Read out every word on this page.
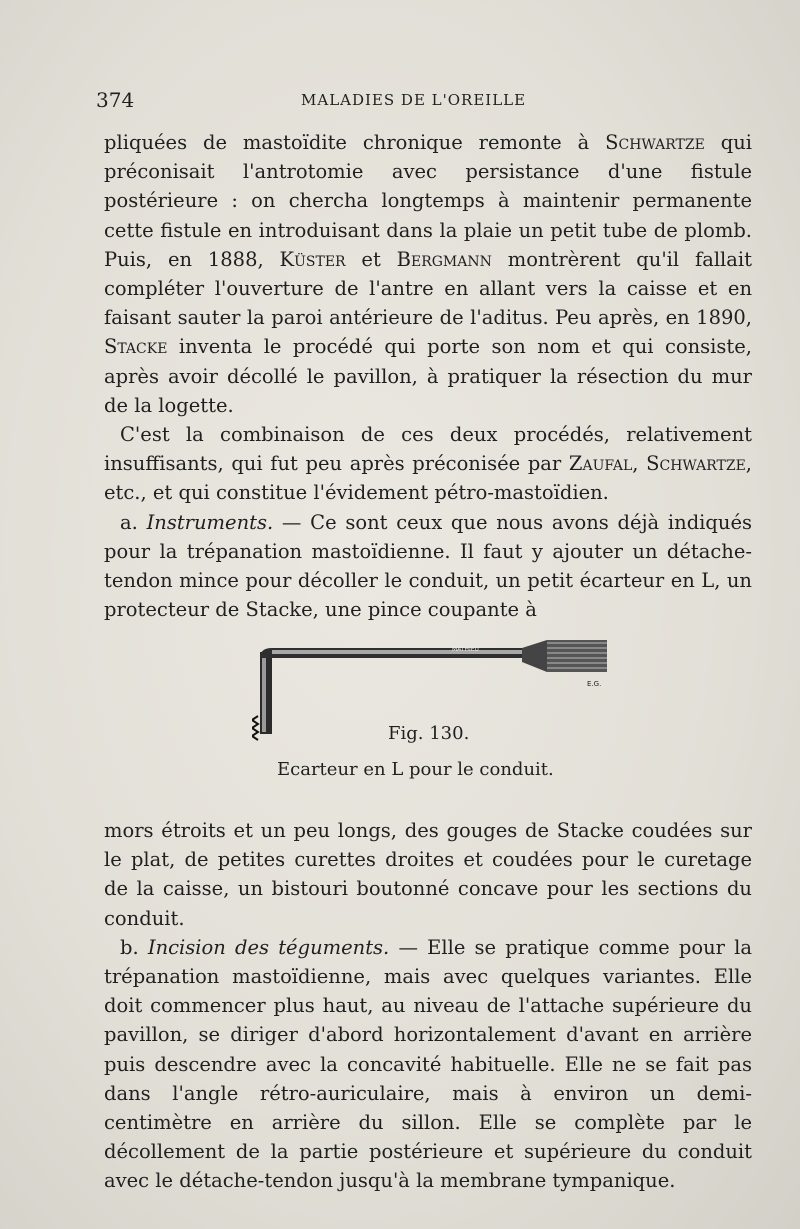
374	MALADIES DE L'OREILLE

pliquées de mastoïdite chronique remonte à Schwartze qui préconisait l'antrotomie avec persistance d'une fistule postérieure : on chercha longtemps à maintenir permanente cette fistule en introduisant dans la plaie un petit tube de plomb. Puis, en 1888, Küster et Bergmann montrèrent qu'il fallait compléter l'ouverture de l'antre en allant vers la caisse et en faisant sauter la paroi antérieure de l'aditus. Peu après, en 1890, Stacke inventa le procédé qui porte son nom et qui consiste, après avoir décollé le pavillon, à pratiquer la résection du mur de la logette.

C'est la combinaison de ces deux procédés, relativement insuffisants, qui fut peu après préconisée par Zaufal, Schwartze, etc., et qui constitue l'évidement pétro-mastoïdien.

a. Instruments. — Ce sont ceux que nous avons déjà indiqués pour la trépanation mastoïdienne. Il faut y ajouter un détache-tendon mince pour décoller le conduit, un petit écarteur en L, un protecteur de Stacke, une pince coupante à

MATHIEU
E.G.
Fig. 130.
Ecarteur en L pour le conduit.

mors étroits et un peu longs, des gouges de Stacke coudées sur le plat, de petites curettes droites et coudées pour le curetage de la caisse, un bistouri boutonné concave pour les sections du conduit.

b. Incision des téguments. — Elle se pratique comme pour la trépanation mastoïdienne, mais avec quelques variantes. Elle doit commencer plus haut, au niveau de l'attache supérieure du pavillon, se diriger d'abord horizontalement d'avant en arrière puis descendre avec la concavité habituelle. Elle ne se fait pas dans l'angle rétro-auriculaire, mais à environ un demi-centimètre en arrière du sillon. Elle se complète par le décollement de la partie postérieure et supérieure du conduit avec le détache-tendon jusqu'à la membrane tympanique.
